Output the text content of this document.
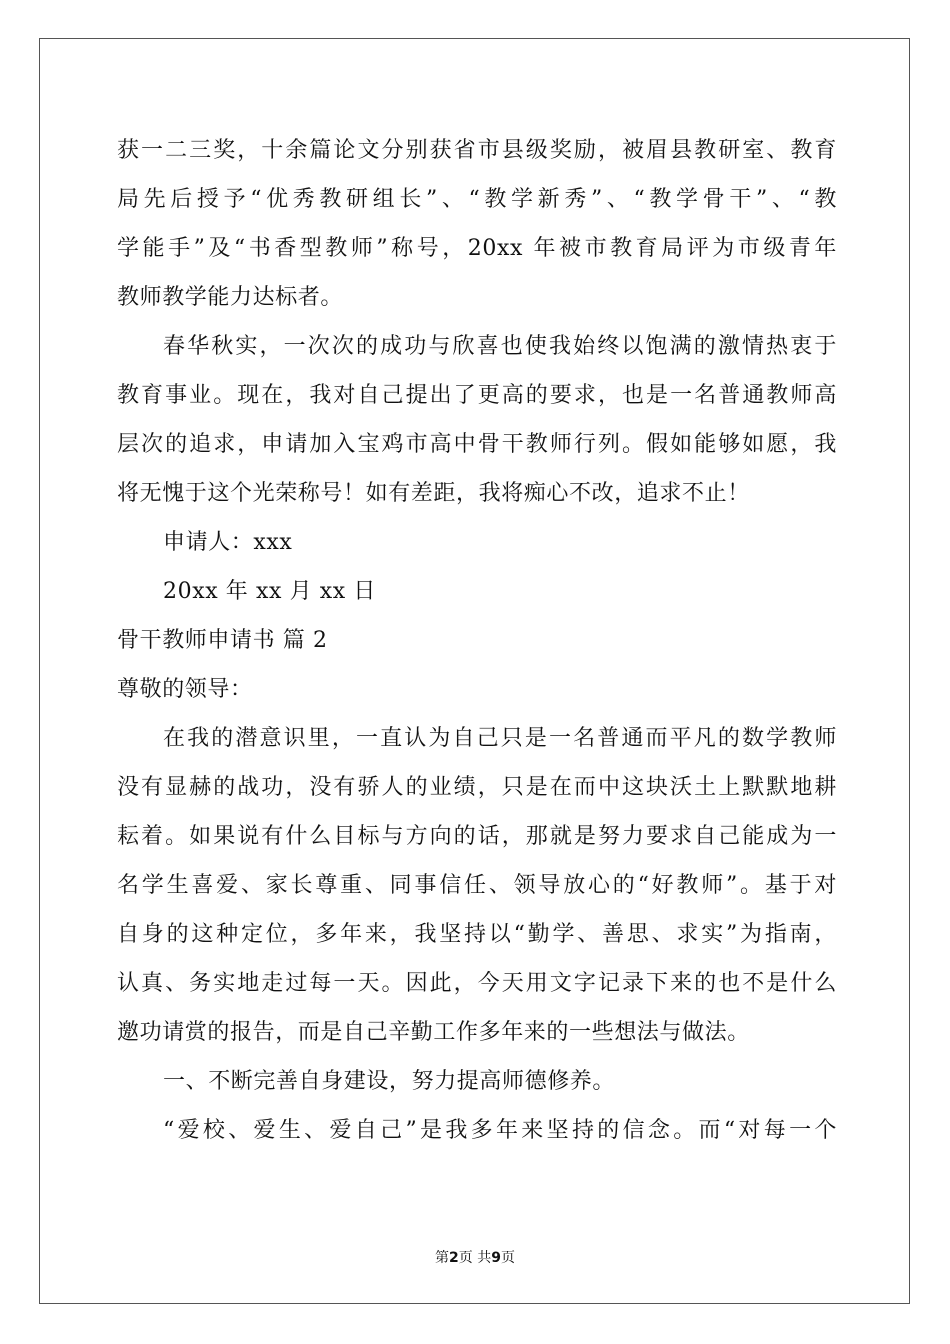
获一二三奖，十余篇论文分别获省市县级奖励，被眉县教研室、教育
局先后授予“优秀教研组长”、“教学新秀”、“教学骨干”、“教
学能手”及“书香型教师”称号，20xx 年被市教育局评为市级青年
教师教学能力达标者。
春华秋实，一次次的成功与欣喜也使我始终以饱满的激情热衷于
教育事业。现在，我对自己提出了更高的要求，也是一名普通教师高
层次的追求，申请加入宝鸡市高中骨干教师行列。假如能够如愿，我
将无愧于这个光荣称号！如有差距，我将痴心不改，追求不止！
申请人：xxx
20xx 年 xx 月 xx 日
骨干教师申请书 篇 2
尊敬的领导：
在我的潜意识里，一直认为自己只是一名普通而平凡的数学教师
没有显赫的战功，没有骄人的业绩，只是在而中这块沃土上默默地耕
耘着。如果说有什么目标与方向的话，那就是努力要求自己能成为一
名学生喜爱、家长尊重、同事信任、领导放心的“好教师”。基于对
自身的这种定位，多年来，我坚持以“勤学、善思、求实”为指南，
认真、务实地走过每一天。因此，今天用文字记录下来的也不是什么
邀功请赏的报告，而是自己辛勤工作多年来的一些想法与做法。
一、不断完善自身建设，努力提高师德修养。
“爱校、爱生、爱自己”是我多年来坚持的信念。而“对每一个
第2页 共9页
